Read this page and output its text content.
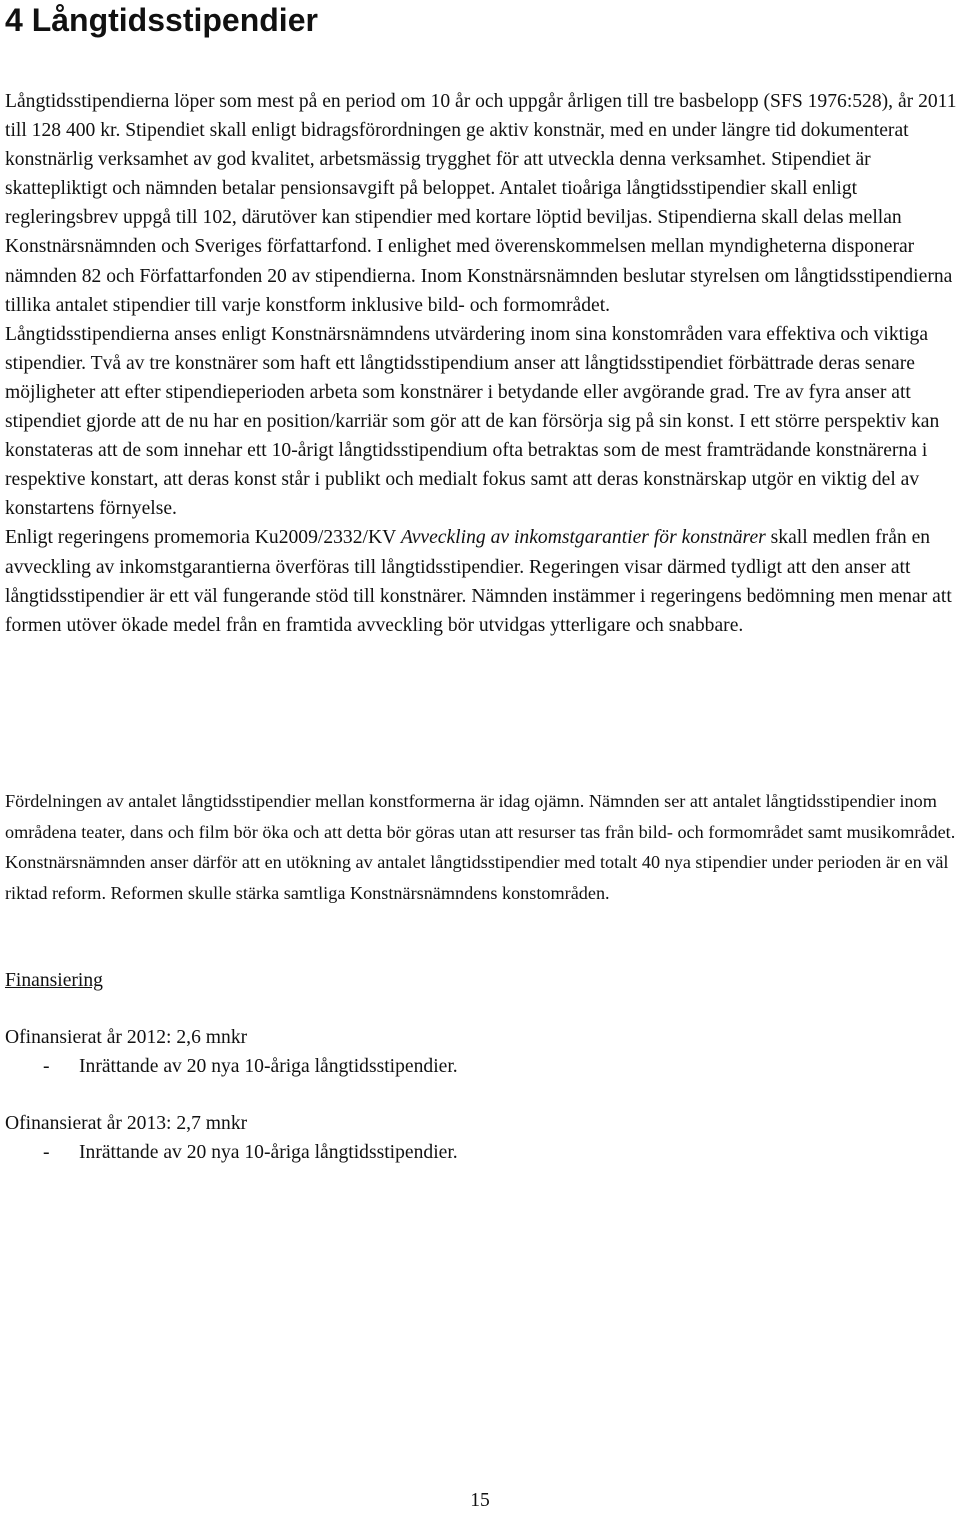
4 Långtidsstipendier
Långtidsstipendierna löper som mest på en period om 10 år och uppgår årligen till tre basbelopp (SFS 1976:528), år 2011 till 128 400 kr. Stipendiet skall enligt bidragsförordningen ge aktiv konstnär, med en under längre tid dokumenterat konstnärlig verksamhet av god kvalitet, arbetsmässig trygghet för att utveckla denna verksamhet. Stipendiet är skattepliktigt och nämnden betalar pensionsavgift på beloppet. Antalet tioåriga långtidsstipendier skall enligt regleringsbrev uppgå till 102, därutöver kan stipendier med kortare löptid beviljas. Stipendierna skall delas mellan Konstnärsnämnden och Sveriges författarfond. I enlighet med överenskommelsen mellan myndigheterna disponerar nämnden 82 och Författarfonden 20 av stipendierna. Inom Konstnärsnämnden beslutar styrelsen om långtidsstipendierna tillika antalet stipendier till varje konstform inklusive bild- och formområdet.
Långtidsstipendierna anses enligt Konstnärsnämndens utvärdering inom sina konstområden vara effektiva och viktiga stipendier. Två av tre konstnärer som haft ett långtidsstipendium anser att långtidsstipendiet förbättrade deras senare möjligheter att efter stipendieperioden arbeta som konstnärer i betydande eller avgörande grad. Tre av fyra anser att stipendiet gjorde att de nu har en position/karriär som gör att de kan försörja sig på sin konst. I ett större perspektiv kan konstateras att de som innehar ett 10-årigt långtidsstipendium ofta betraktas som de mest framträdande konstnärerna i respektive konstart, att deras konst står i publikt och medialt fokus samt att deras konstnärskap utgör en viktig del av konstartens förnyelse.
Enligt regeringens promemoria Ku2009/2332/KV Avveckling av inkomstgarantier för konstnärer skall medlen från en avveckling av inkomstgarantierna överföras till långtidsstipendier. Regeringen visar därmed tydligt att den anser att långtidsstipendier är ett väl fungerande stöd till konstnärer. Nämnden instämmer i regeringens bedömning men menar att formen utöver ökade medel från en framtida avveckling bör utvidgas ytterligare och snabbare.

Fördelningen av antalet långtidsstipendier mellan konstformerna är idag ojämn. Nämnden ser att antalet långtidsstipendier inom områdena teater, dans och film bör öka och att detta bör göras utan att resurser tas från bild- och formområdet samt musikområdet. Konstnärsnämnden anser därför att en utökning av antalet långtidsstipendier med totalt 40 nya stipendier under perioden är en väl riktad reform. Reformen skulle stärka samtliga Konstnärsnämndens konstområden.

Finansiering
Ofinansierat år 2012: 2,6 mnkr
- Inrättande av 20 nya 10-åriga långtidsstipendier.
Ofinansierat år 2013: 2,7 mnkr
- Inrättande av 20 nya 10-åriga långtidsstipendier.
15
